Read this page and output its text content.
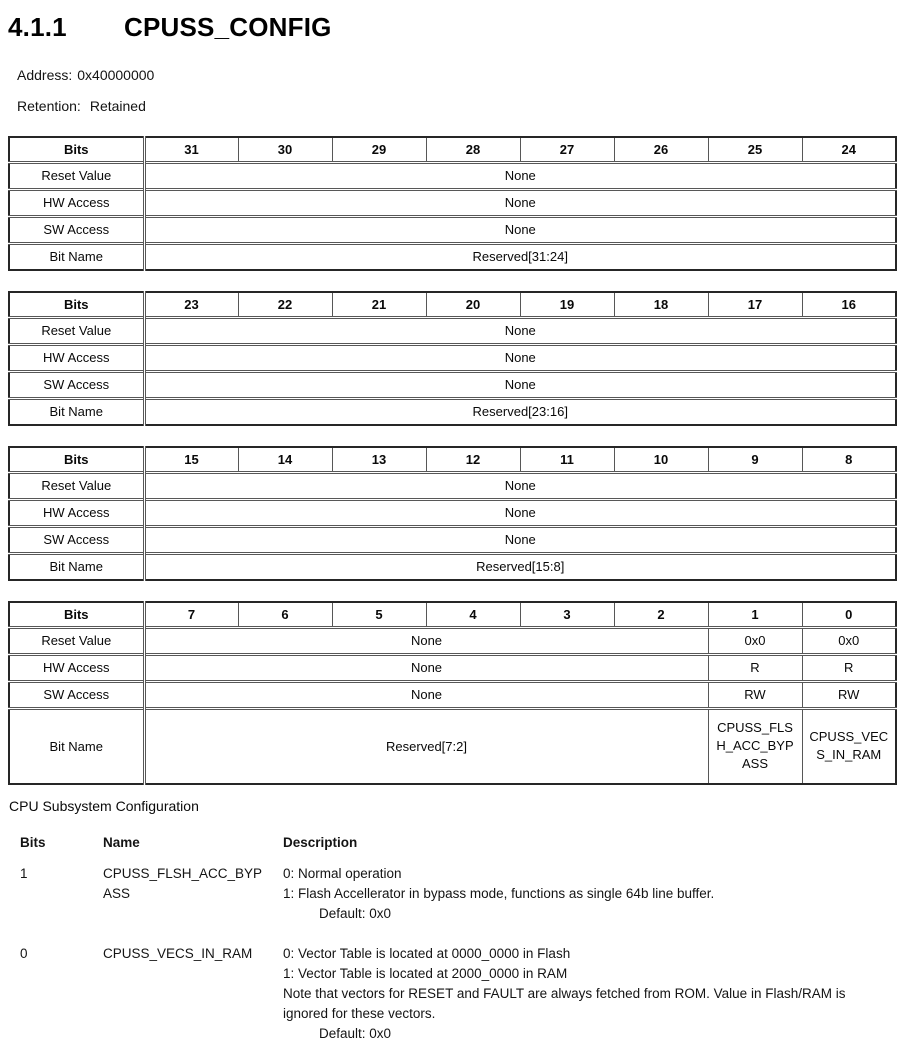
4.1.1 CPUSS_CONFIG
Address: 0x40000000
Retention: Retained
Bits	31	30	29	28	27	26	25	24
Reset Value	None							
HW Access	None							
SW Access	None							
Bit Name	Reserved[31:24]							
Bits	23	22	21	20	19	18	17	16
Reset Value	None							
HW Access	None							
SW Access	None							
Bit Name	Reserved[23:16]							
Bits	15	14	13	12	11	10	9	8
Reset Value	None							
HW Access	None							
SW Access	None							
Bit Name	Reserved[15:8]							
Bits	7	6	5	4	3	2	1	0
Reset Value	None						0x0	0x0
HW Access	None						R	R
SW Access	None						RW	RW
Bit Name	Reserved[7:2]						CPUSS_FLSH_ACC_BYPASS	CPUSS_VECS_IN_RAM
CPU Subsystem Configuration
Bits	Name	Description
1	CPUSS_FLSH_ACC_BYPASS
0: Normal operation
1: Flash Accellerator in bypass mode, functions as single 64b line buffer.
Default: 0x0
0	CPUSS_VECS_IN_RAM	0: Vector Table is located at 0000_0000 in Flash
1: Vector Table is located at 2000_0000 in RAM
Note that vectors for RESET and FAULT are always fetched from ROM. Value in Flash/RAM is ignored for these vectors.
Default: 0x0
